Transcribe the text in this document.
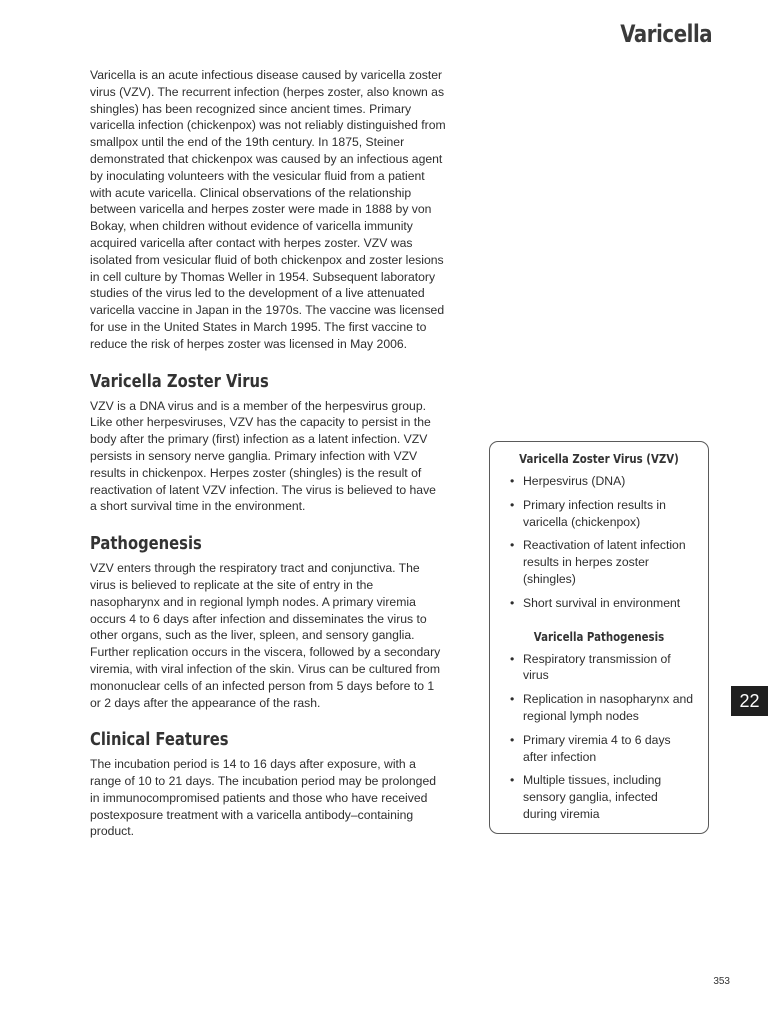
Varicella

Varicella is an acute infectious disease caused by varicella zoster virus (VZV). The recurrent infection (herpes zoster, also known as shingles) has been recognized since ancient times. Primary varicella infection (chickenpox) was not reliably distinguished from smallpox until the end of the 19th century. In 1875, Steiner demonstrated that chickenpox was caused by an infectious agent by inoculating volunteers with the vesicular fluid from a patient with acute varicella. Clinical observations of the relationship between varicella and herpes zoster were made in 1888 by von Bokay, when children without evidence of varicella immunity acquired varicella after contact with herpes zoster. VZV was isolated from vesicular fluid of both chickenpox and zoster lesions in cell culture by Thomas Weller in 1954. Subsequent laboratory studies of the virus led to the development of a live attenuated varicella vaccine in Japan in the 1970s. The vaccine was licensed for use in the United States in March 1995. The first vaccine to reduce the risk of herpes zoster was licensed in May 2006.

Varicella Zoster Virus

VZV is a DNA virus and is a member of the herpesvirus group. Like other herpesviruses, VZV has the capacity to persist in the body after the primary (first) infection as a latent infection. VZV persists in sensory nerve ganglia. Primary infection with VZV results in chickenpox. Herpes zoster (shingles) is the result of reactivation of latent VZV infection. The virus is believed to have a short survival time in the environment.

Pathogenesis

VZV enters through the respiratory tract and conjunctiva. The virus is believed to replicate at the site of entry in the nasopharynx and in regional lymph nodes. A primary viremia occurs 4 to 6 days after infection and disseminates the virus to other organs, such as the liver, spleen, and sensory ganglia. Further replication occurs in the viscera, followed by a secondary viremia, with viral infection of the skin. Virus can be cultured from mononuclear cells of an infected person from 5 days before to 1 or 2 days after the appearance of the rash.

Clinical Features

The incubation period is 14 to 16 days after exposure, with a range of 10 to 21 days. The incubation period may be prolonged in immunocompromised patients and those who have received postexposure treatment with a varicella antibody–containing product.

Varicella Zoster Virus (VZV)
• Herpesvirus (DNA)
• Primary infection results in varicella (chickenpox)
• Reactivation of latent infection results in herpes zoster (shingles)
• Short survival in environment
Varicella Pathogenesis
• Respiratory transmission of virus
• Replication in nasopharynx and regional lymph nodes
• Primary viremia 4 to 6 days after infection
• Multiple tissues, including sensory ganglia, infected during viremia
22
353
